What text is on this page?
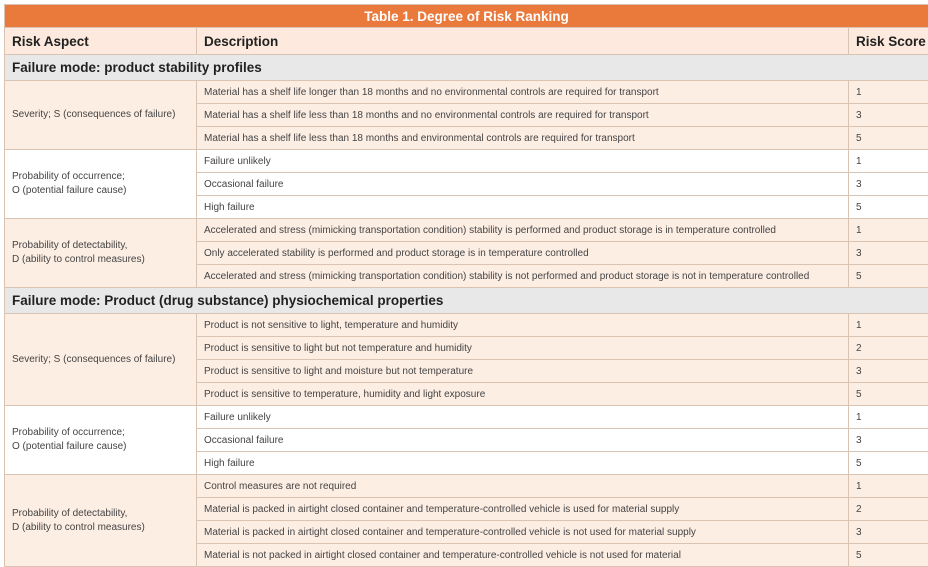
Table 1. Degree of Risk Ranking		
Risk Aspect	Description	Risk Score
Failure mode: product stability profiles		
Severity; S (consequences of failure)	Material has a shelf life longer than 18 months and no environmental controls are required for transport	1
	Material has a shelf life less than 18 months and no environmental controls are required for transport	3
	Material has a shelf life less than 18 months and environmental controls are required for transport	5
Probability of occurrence;
O (potential failure cause)	Failure unlikely	1
	Occasional failure	3
	High failure	5
Probability of detectability,
D (ability to control measures)	Accelerated and stress (mimicking transportation condition) stability is performed and product storage is in temperature controlled	1
	Only accelerated stability is performed and product storage is in temperature controlled	3
	Accelerated and stress (mimicking transportation condition) stability is not performed and product storage is not in temperature controlled	5
Failure mode: Product (drug substance) physiochemical properties		
Severity; S (consequences of failure)	Product is not sensitive to light, temperature and humidity	1
	Product is sensitive to light but not temperature and humidity	2
	Product is sensitive to light and moisture but not temperature	3
	Product is sensitive to temperature, humidity and light exposure	5
Probability of occurrence;
O (potential failure cause)	Failure unlikely	1
	Occasional failure	3
	High failure	5
Probability of detectability,
D (ability to control measures)	Control measures are not required	1
	Material is packed in airtight closed container and temperature-controlled vehicle is used for material supply	2
	Material is packed in airtight closed container and temperature-controlled vehicle is not used for material supply	3
	Material is not packed in airtight closed container and temperature-controlled vehicle is not used for material	5
